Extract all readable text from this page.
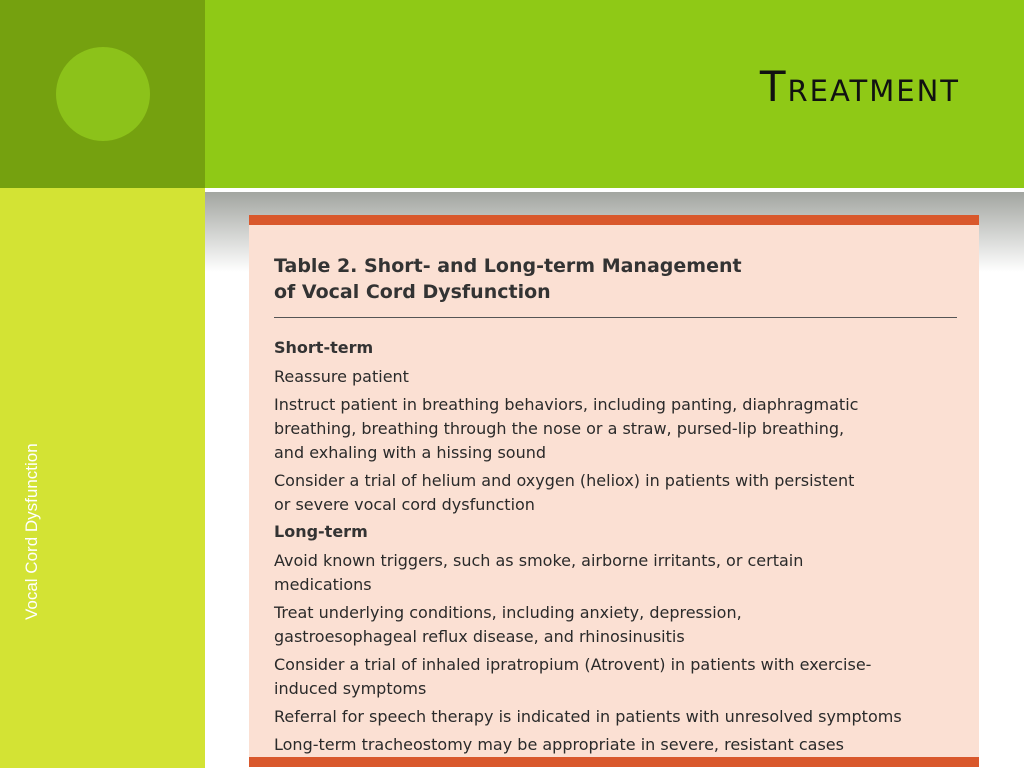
Treatment
Vocal Cord Dysfunction
Table 2. Short- and Long-term Management
of Vocal Cord Dysfunction
Short-term
Reassure patient
Instruct patient in breathing behaviors, including panting, diaphragmatic
breathing, breathing through the nose or a straw, pursed-lip breathing,
and exhaling with a hissing sound
Consider a trial of helium and oxygen (heliox) in patients with persistent
or severe vocal cord dysfunction
Long-term
Avoid known triggers, such as smoke, airborne irritants, or certain
medications
Treat underlying conditions, including anxiety, depression,
gastroesophageal reflux disease, and rhinosinusitis
Consider a trial of inhaled ipratropium (Atrovent) in patients with exercise-
induced symptoms
Referral for speech therapy is indicated in patients with unresolved symptoms
Long-term tracheostomy may be appropriate in severe, resistant cases
